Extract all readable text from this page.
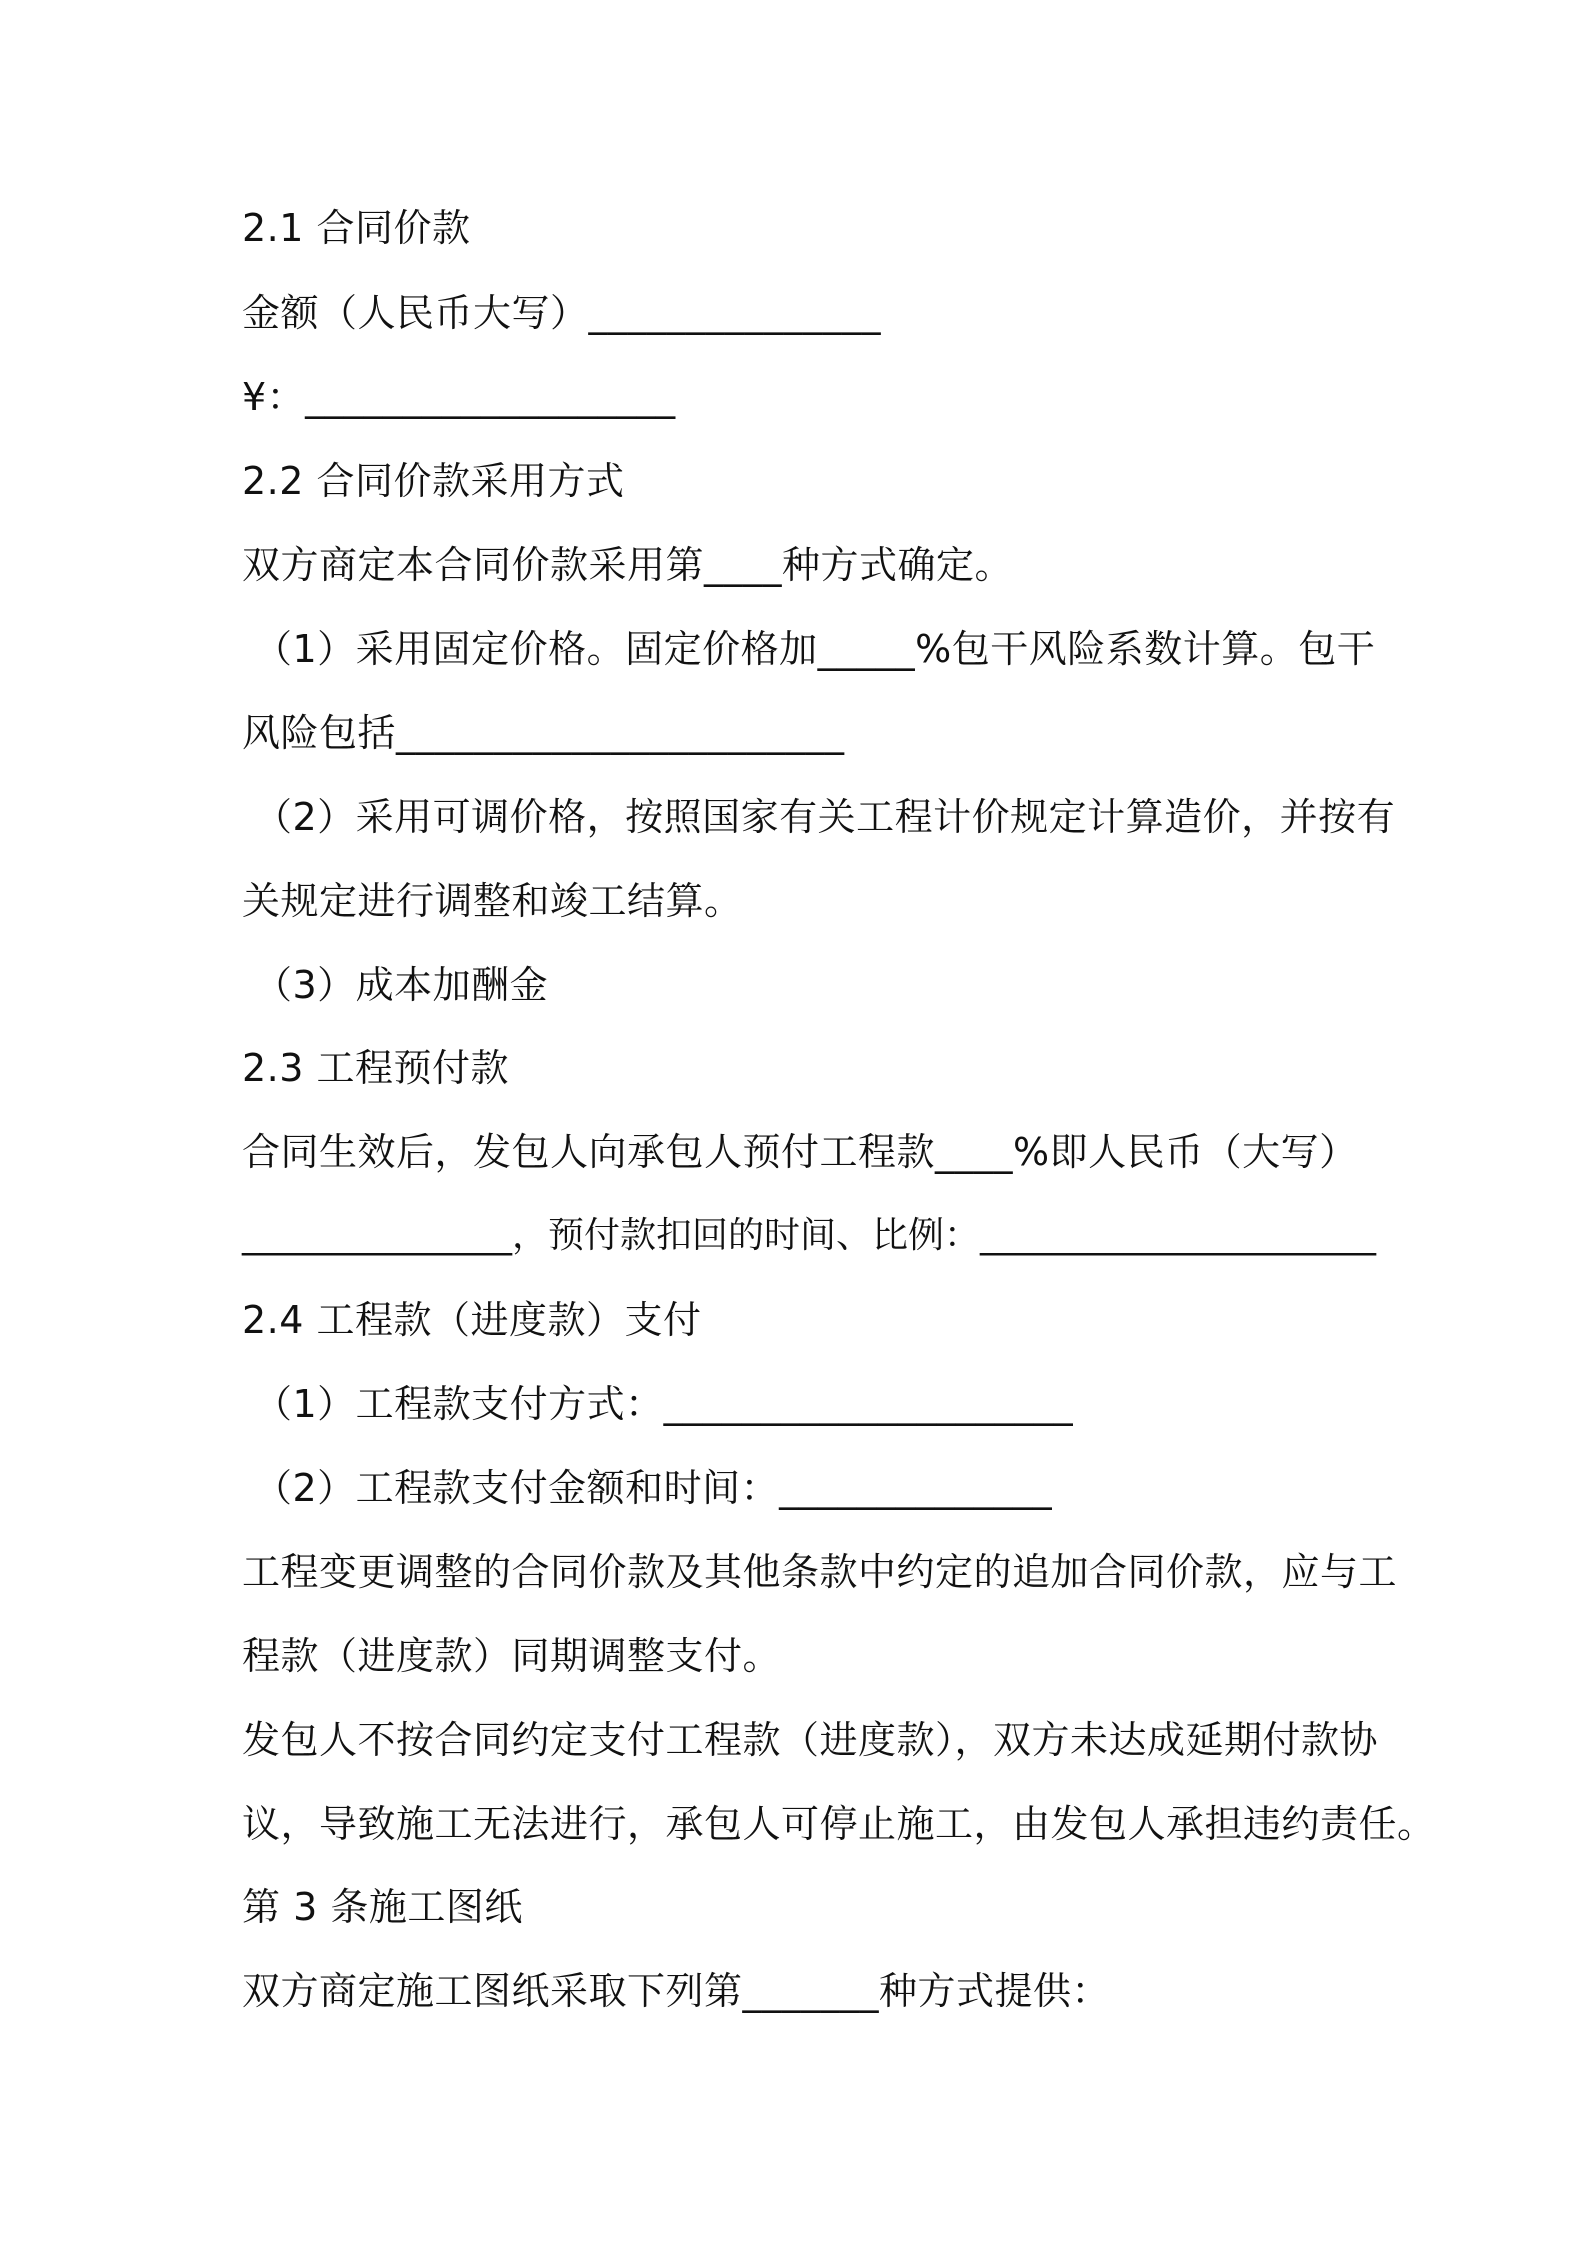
2.1 合同价款
金额（人民币大写）_______________
¥：___________________
2.2 合同价款采用方式
双方商定本合同价款采用第____种方式确定。
（1）采用固定价格。固定价格加_____%包干风险系数计算。包干
风险包括_______________________
（2）采用可调价格，按照国家有关工程计价规定计算造价，并按有
关规定进行调整和竣工结算。
（3）成本加酬金
2.3 工程预付款
合同生效后，发包人向承包人预付工程款____%即人民币（大写）
_______________，预付款扣回的时间、比例：______________________
2.4 工程款（进度款）支付
（1）工程款支付方式：_____________________
（2）工程款支付金额和时间：______________
工程变更调整的合同价款及其他条款中约定的追加合同价款，应与工
程款（进度款）同期调整支付。
发包人不按合同约定支付工程款（进度款），双方未达成延期付款协
议，导致施工无法进行，承包人可停止施工，由发包人承担违约责任。
第 3 条施工图纸
双方商定施工图纸采取下列第_______种方式提供：
